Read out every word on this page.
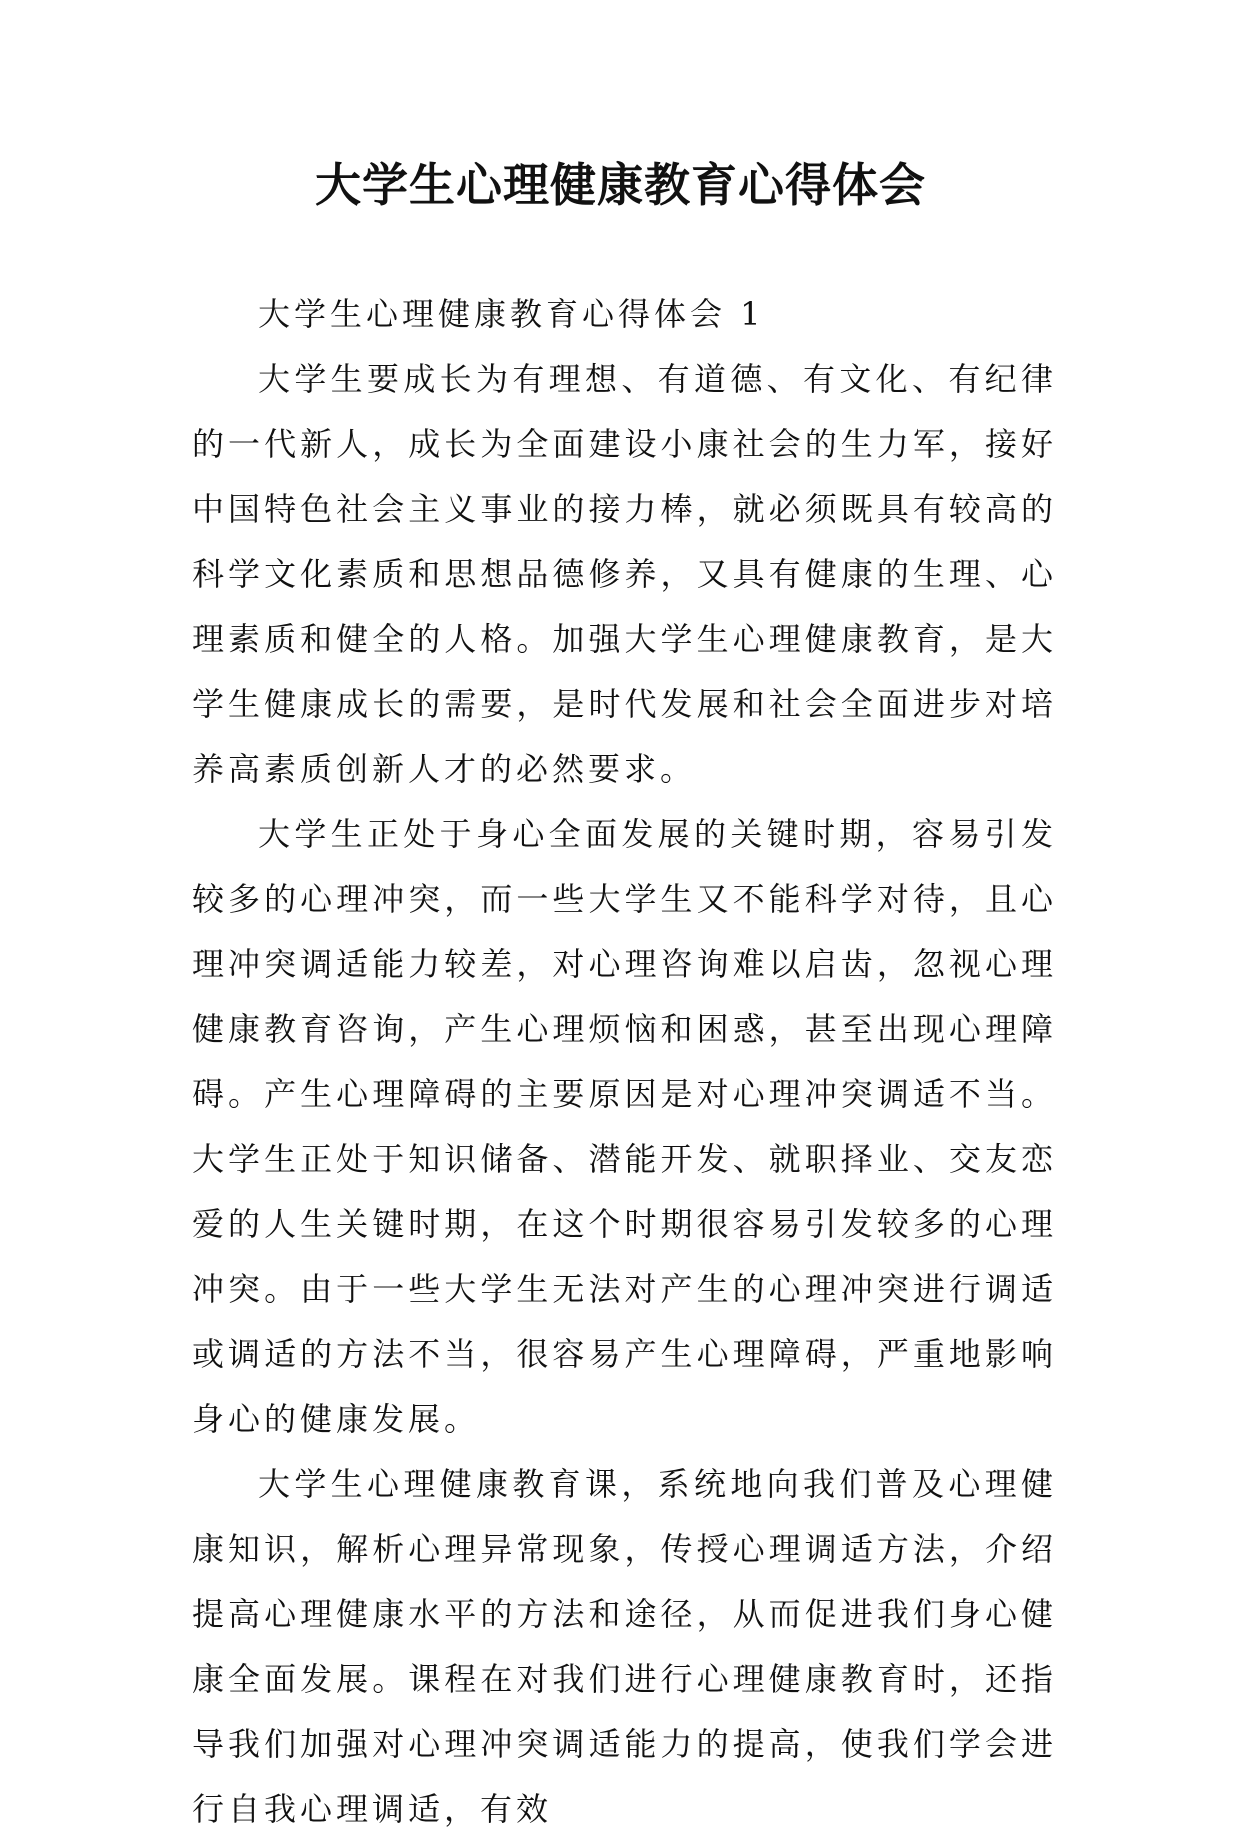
大学生心理健康教育心得体会

大学生心理健康教育心得体会 1

大学生要成长为有理想、有道德、有文化、有纪律的一代新人，成长为全面建设小康社会的生力军，接好中国特色社会主义事业的接力棒，就必须既具有较高的科学文化素质和思想品德修养，又具有健康的生理、心理素质和健全的人格。加强大学生心理健康教育，是大学生健康成长的需要，是时代发展和社会全面进步对培养高素质创新人才的必然要求。

大学生正处于身心全面发展的关键时期，容易引发较多的心理冲突，而一些大学生又不能科学对待，且心理冲突调适能力较差，对心理咨询难以启齿，忽视心理健康教育咨询，产生心理烦恼和困惑，甚至出现心理障碍。产生心理障碍的主要原因是对心理冲突调适不当。大学生正处于知识储备、潜能开发、就职择业、交友恋爱的人生关键时期，在这个时期很容易引发较多的心理冲突。由于一些大学生无法对产生的心理冲突进行调适或调适的方法不当，很容易产生心理障碍，严重地影响身心的健康发展。

大学生心理健康教育课，系统地向我们普及心理健康知识，解析心理异常现象，传授心理调适方法，介绍提高心理健康水平的方法和途径，从而促进我们身心健康全面发展。课程在对我们进行心理健康教育时，还指导我们加强对心理冲突调适能力的提高，使我们学会进行自我心理调适，有效
